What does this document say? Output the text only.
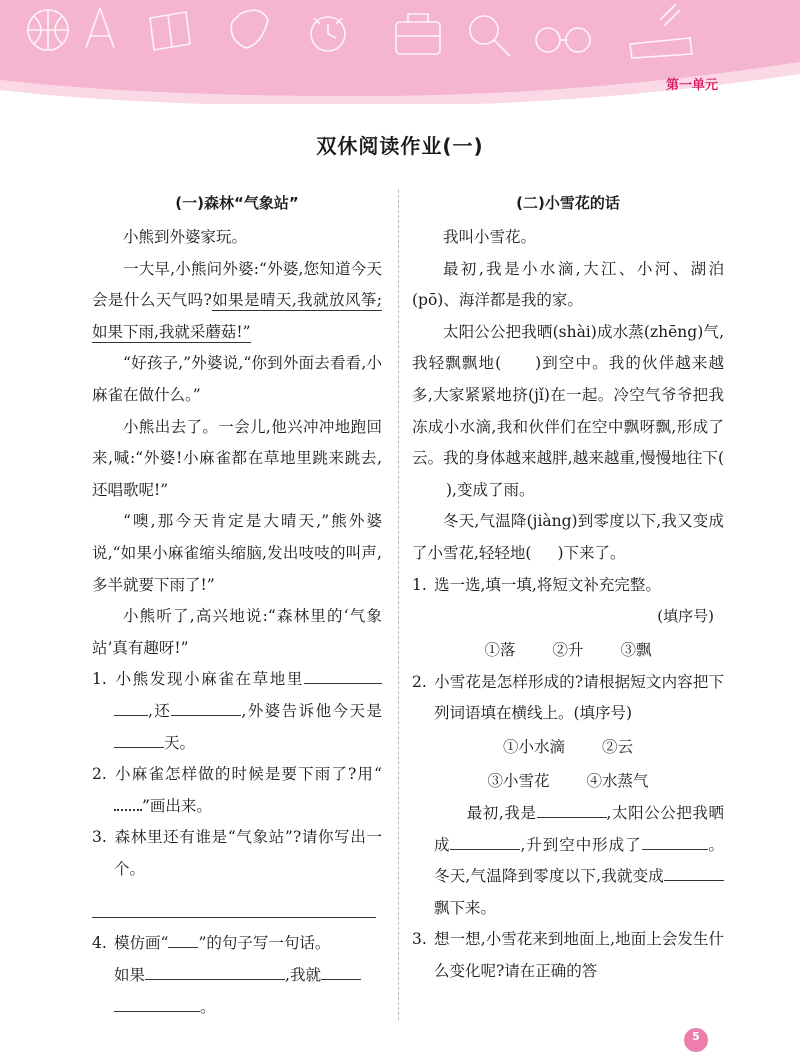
第一单元
双休阅读作业(一)
(一)森林“气象站”

小熊到外婆家玩。

一大早,小熊问外婆:“外婆,您知道今天会是什么天气吗?如果是晴天,我就放风筝;如果下雨,我就采蘑菇!”

“好孩子,”外婆说,“你到外面去看看,小麻雀在做什么。”

小熊出去了。一会儿,他兴冲冲地跑回来,喊:“外婆!小麻雀都在草地里跳来跳去,还唱歌呢!”

“噢,那今天肯定是大晴天,”熊外婆说,“如果小麻雀缩头缩脑,发出吱吱的叫声,多半就要下雨了!”

小熊听了,高兴地说:“森林里的‘气象站’真有趣呀!”

1. 小熊发现小麻雀在草地里,还	,外婆告诉他今天是天。

2. 小麻雀怎样做的时候是要下雨了?用“”画出来。

3. 森林里还有谁是“气象站”?请你写出一个。

4. 模仿画“ ”的句子写一句话。

如果	,我就

。

(二)小雪花的话

我叫小雪花。

最初,我是小水滴,大江、小河、湖泊(pō)、海洋都是我的家。

太阳公公把我晒(shài)成水蒸(zhēng)气,我轻飘飘地( )到空中。我的伙伴越来越多,大家紧紧地挤(jǐ)在一起。冷空气爷爷把我冻成小水滴,我和伙伴们在空中飘呀飘,形成了云。我的身体越来越胖,越来越重,慢慢地往下(),变成了雨。

冬天,气温降(jiàng)到零度以下,我又变成了小雪花,轻轻地( )下来了。

1. 选一选,填一填,将短文补充完整。

(填序号)
①落 ②升 ③飘

2. 小雪花是怎样形成的?请根据短文内容把下列词语填在横线上。(填序号)

①小水滴 ②云
③小雪花 ④水蒸气

　　最初,我是	,太阳公公把我晒成	,升到空中形成了	。冬天,气温降到零度以下,我就变成飘下来。

3. 想一想,小雪花来到地面上,地面上会发生什么变化呢?请在正确的答

5
